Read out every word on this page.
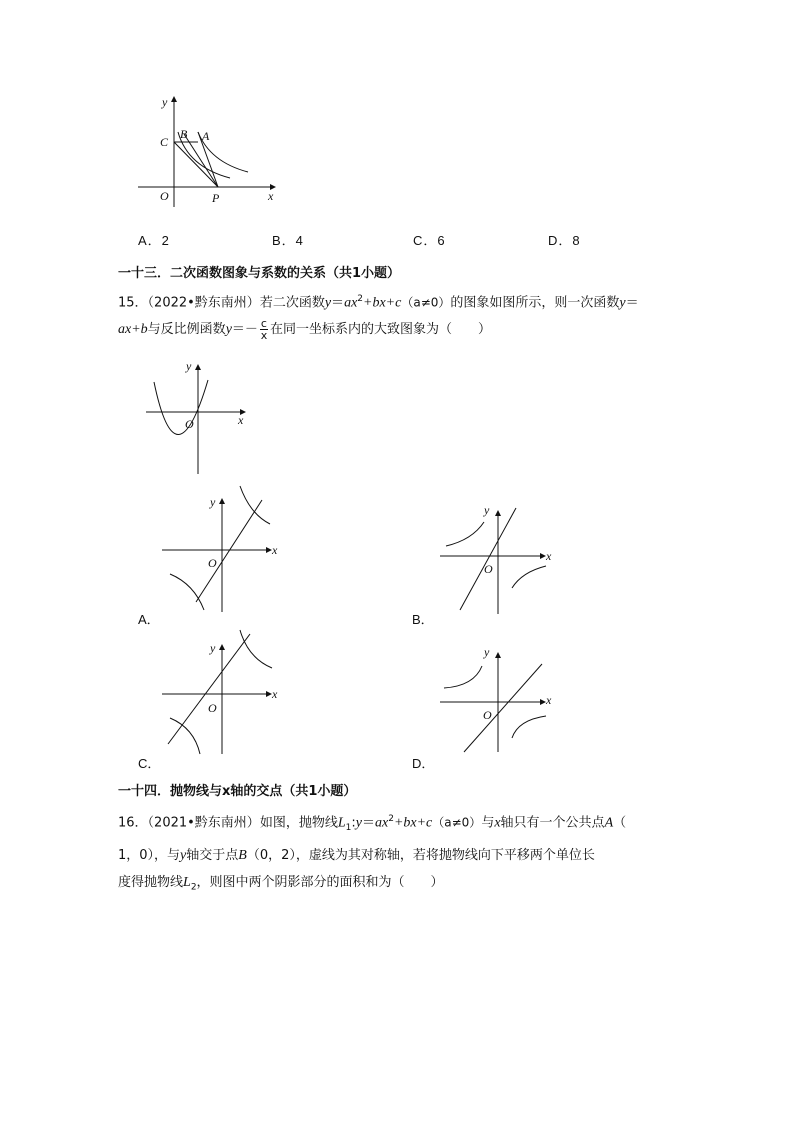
y
x
C
B A
O	P
A．2	B．4	C．6	D．8
一十三．二次函数图象与系数的关系（共1小题）
15．（2022•黔东南州）若二次函数$y=ax^2+bx+c(a\ne 0)$的图象如图所示，则一次函数y＝
ax+b与反比例函数$y=- \frac{c}{x}$ 在同一坐标系内的大致图象为（　　）
y
x
O
y
x
O
A．
y
x
O
B．
y
x
O
C．
y
x
O
D．
一十四．抛物线与x轴的交点（共1小题）
16．（2021•黔东南州）如图，抛物线$L_1:y=ax^2+bx+c(a\ne 0)$与x轴只有一个公共点A（
1，0），与y轴交于点B（0，2），虚线为其对称轴，若将抛物线向下平移两个单位长
度得抛物线$L_2$，则图中两个阴影部分的面积和为（　　）
